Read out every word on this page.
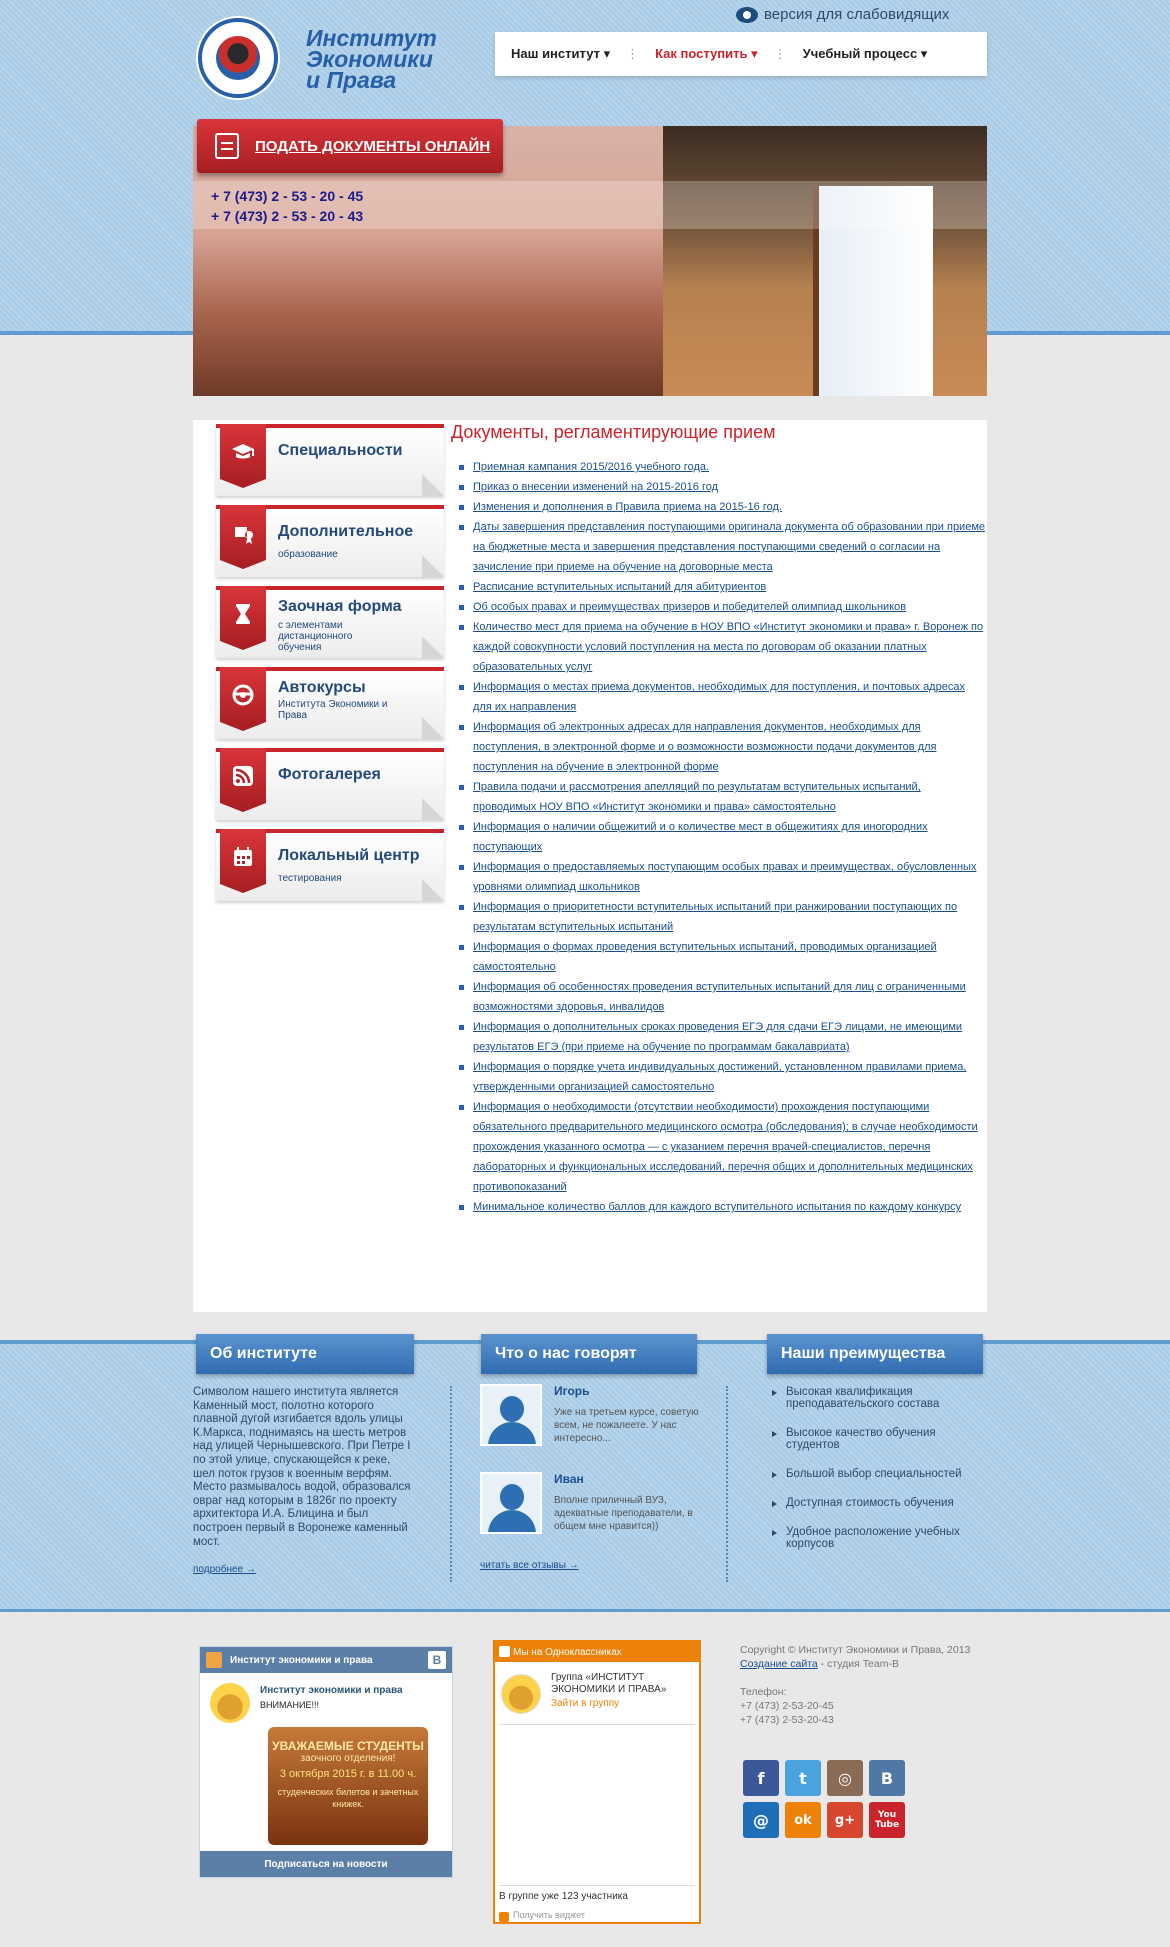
Институт Экономики и Права
версия для слабовидящих
Наш институт ▾	⋮	Как поступить ▾	⋮	Учебный процесс ▾
+ 7 (473) 2 - 53 - 20 - 45
+ 7 (473) 2 - 53 - 20 - 43
ПОДАТЬ ДОКУМЕНТЫ ОНЛАЙН
Специальности
Дополнительное
образование
Заочная форма
с элементами дистанционного обучения
Автокурсы
Института Экономики и Права
Фотогалерея
Локальный центр
тестирования
Документы, регламентирующие прием
Приемная кампания 2015/2016 учебного года.
Приказ о внесении изменений на 2015-2016 год
Изменения и дополнения в Правила приема на 2015-16 год.
Даты завершения представления поступающими оригинала документа об образовании при приеме на бюджетные места и завершения представления поступающими сведений о согласии на зачисление при приеме на обучение на договорные места
Расписание вступительных испытаний для абитуриентов
Об особых правах и преимуществах призеров и победителей олимпиад школьников
Количество мест для приема на обучение в НОУ ВПО «Институт экономики и права» г. Воронеж по каждой совокупности условий поступления на места по договорам об оказании платных образовательных услуг
Информация о местах приема документов, необходимых для поступления, и почтовых адресах для их направления
Информация об электронных адресах для направления документов, необходимых для поступления, в электронной форме и о возможности возможности подачи документов для поступления на обучение в электронной форме
Правила подачи и рассмотрения апелляций по результатам вступительных испытаний, проводимых НОУ ВПО «Институт экономики и права» самостоятельно
Информация о наличии общежитий и о количестве мест в общежитиях для иногородних поступающих
Информация о предоставляемых поступающим особых правах и преимуществах, обусловленных уровнями олимпиад школьников
Информация о приоритетности вступительных испытаний при ранжировании поступающих по результатам вступительных испытаний
Информация о формах проведения вступительных испытаний, проводимых организацией самостоятельно
Информация об особенностях проведения вступительных испытаний для лиц с ограниченными возможностями здоровья, инвалидов
Информация о дополнительных сроках проведения ЕГЭ для сдачи ЕГЭ лицами, не имеющими результатов ЕГЭ (при приеме на обучение по программам бакалавриата)
Информация о порядке учета индивидуальных достижений, установленном правилами приема, утвержденными организацией самостоятельно
Информация о необходимости (отсутствии необходимости) прохождения поступающими обязательного предварительного медицинского осмотра (обследования); в случае необходимости прохождения указанного осмотра — с указанием перечня врачей-специалистов, перечня лабораторных и функциональных исследований, перечня общих и дополнительных медицинских противопоказаний
Минимальное количество баллов для каждого вступительного испытания по каждому конкурсу
Об институте	Что о нас говорят	Наши преимущества
Символом нашего института является Каменный мост, полотно которого плавной дугой изгибается вдоль улицы К.Маркса, поднимаясь на шесть метров над улицей Чернышевского. При Петре I по этой улице, спускающейся к реке, шел поток грузов к военным верфям. Место размывалось водой, образовался овраг над которым в 1826г по проекту архитектора И.А. Блицина и был построен первый в Воронеже каменный мост.
подробнее →
Игорь
Уже на третьем курсе, советую всем, не пожалеете. У нас интересно...
Иван
Вполне приличный ВУЗ, адекватные преподаватели, в общем мне нравится))
читать все отзывы →
Высокая квалификация преподавательского состава
Высокое качество обучения студентов
Большой выбор специальностей
Доступная стоимость обучения
Удобное расположение учебных корпусов
Институт экономики и права	В
Институт экономики и права
ВНИМАНИЕ!!!
УВАЖАЕМЫЕ СТУДЕНТЫ
заочного отделения!
3 октября 2015 г. в 11.00 ч.
студенческих билетов и зачетных книжек.
Подписаться на новости
Мы на Одноклассниках
Группа «ИНСТИТУТ ЭКОНОМИКИ И ПРАВА»
Зайти в группу
В группе уже 123 участника
Получить виджет
Copyright © Институт Экономики и Права, 2013
Создание сайта - студия Team-B
Телефон:
+7 (473) 2-53-20-45
+7 (473) 2-53-20-43
f	t	◎	В
@	ok	g+	You
Tube
